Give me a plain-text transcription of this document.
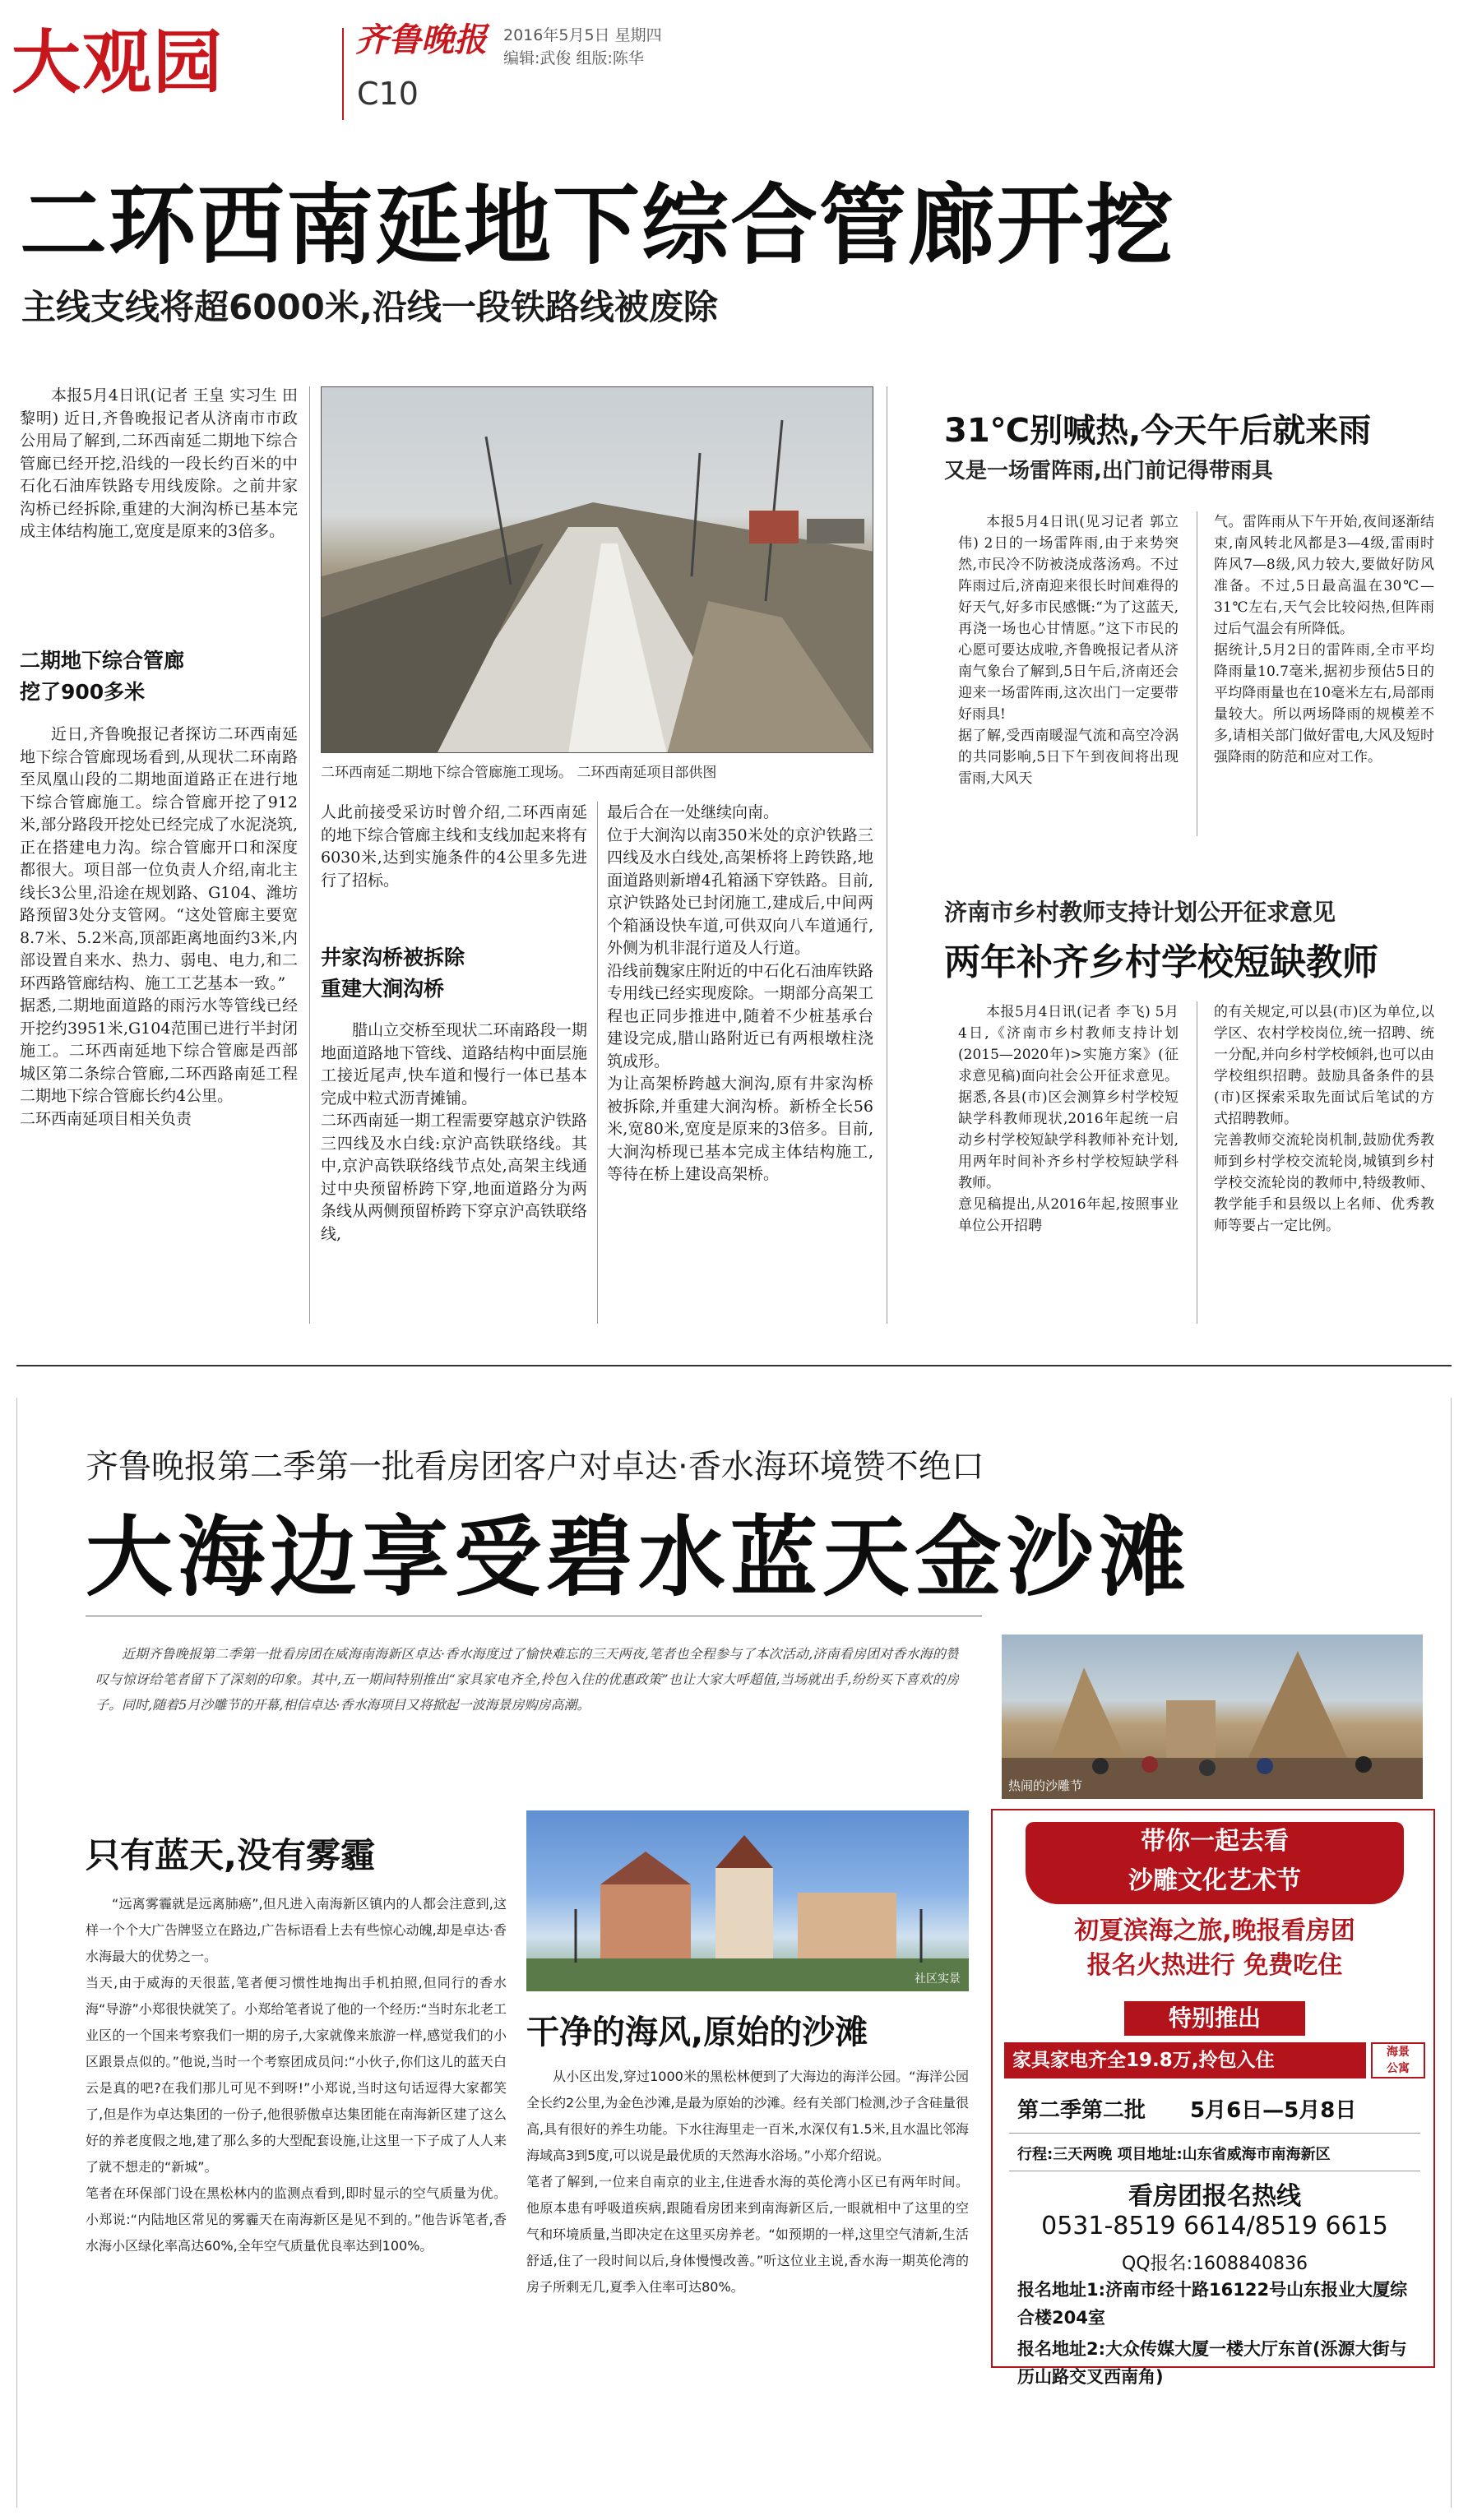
大观园	齐鲁晚报 2016年5月5日 星期四
编辑:武俊 组版:陈华
C10
二环西南延地下综合管廊开挖
主线支线将超6000米,沿线一段铁路线被废除
本报5月4日讯(记者 王皇 实习生 田黎明) 近日,齐鲁晚报记者从济南市市政公用局了解到,二环西南延二期地下综合管廊已经开挖,沿线的一段长约百米的中石化石油库铁路专用线废除。之前井家沟桥已经拆除,重建的大涧沟桥已基本完成主体结构施工,宽度是原来的3倍多。
二期地下综合管廊
挖了900多米
近日,齐鲁晚报记者探访二环西南延地下综合管廊现场看到,从现状二环南路至凤凰山段的二期地面道路正在进行地下综合管廊施工。综合管廊开挖了912米,部分路段开挖处已经完成了水泥浇筑,正在搭建电力沟。综合管廊开口和深度都很大。项目部一位负责人介绍,南北主线长3公里,沿途在规划路、G104、潍坊路预留3处分支管网。“这处管廊主要宽8.7米、5.2米高,顶部距离地面约3米,内部设置自来水、热力、弱电、电力,和二环西路管廊结构、施工工艺基本一致。”
据悉,二期地面道路的雨污水等管线已经开挖约3951米,G104范围已进行半封闭施工。二环西南延地下综合管廊是西部城区第二条综合管廊,二环西路南延工程二期地下综合管廊长约4公里。
二环西南延项目相关负责
二环西南延二期地下综合管廊施工现场。 二环西南延项目部供图
人此前接受采访时曾介绍,二环西南延的地下综合管廊主线和支线加起来将有6030米,达到实施条件的4公里多先进行了招标。
井家沟桥被拆除
重建大涧沟桥
腊山立交桥至现状二环南路段一期地面道路地下管线、道路结构中面层施工接近尾声,快车道和慢行一体已基本完成中粒式沥青摊铺。
二环西南延一期工程需要穿越京沪铁路三四线及水白线:京沪高铁联络线。其中,京沪高铁联络线节点处,高架主线通过中央预留桥跨下穿,地面道路分为两条线从两侧预留桥跨下穿京沪高铁联络线,
最后合在一处继续向南。
位于大涧沟以南350米处的京沪铁路三四线及水白线处,高架桥将上跨铁路,地面道路则新增4孔箱涵下穿铁路。目前,京沪铁路处已封闭施工,建成后,中间两个箱涵设快车道,可供双向八车道通行,外侧为机非混行道及人行道。
沿线前魏家庄附近的中石化石油库铁路专用线已经实现废除。一期部分高架工程也正同步推进中,随着不少桩基承台建设完成,腊山路附近已有两根墩柱浇筑成形。
为让高架桥跨越大涧沟,原有井家沟桥被拆除,并重建大涧沟桥。新桥全长56米,宽80米,宽度是原来的3倍多。目前,大涧沟桥现已基本完成主体结构施工,等待在桥上建设高架桥。
31℃别喊热,今天午后就来雨
又是一场雷阵雨,出门前记得带雨具
本报5月4日讯(见习记者 郭立伟) 2日的一场雷阵雨,由于来势突然,市民冷不防被浇成落汤鸡。不过阵雨过后,济南迎来很长时间难得的好天气,好多市民感慨:“为了这蓝天,再浇一场也心甘情愿。”这下市民的心愿可要达成啦,齐鲁晚报记者从济南气象台了解到,5日午后,济南还会迎来一场雷阵雨,这次出门一定要带好雨具!
据了解,受西南暖湿气流和高空冷涡的共同影响,5日下午到夜间将出现雷雨,大风天
气。雷阵雨从下午开始,夜间逐渐结束,南风转北风都是3—4级,雷雨时阵风7—8级,风力较大,要做好防风准备。不过,5日最高温在30℃—31℃左右,天气会比较闷热,但阵雨过后气温会有所降低。
据统计,5月2日的雷阵雨,全市平均降雨量10.7毫米,据初步预估5日的平均降雨量也在10毫米左右,局部雨量较大。所以两场降雨的规模差不多,请相关部门做好雷电,大风及短时强降雨的防范和应对工作。
济南市乡村教师支持计划公开征求意见
两年补齐乡村学校短缺教师
本报5月4日讯(记者 李飞) 5月4日,《济南市乡村教师支持计划(2015—2020年)>实施方案》(征求意见稿)面向社会公开征求意见。据悉,各县(市)区会测算乡村学校短缺学科教师现状,2016年起统一启动乡村学校短缺学科教师补充计划,用两年时间补齐乡村学校短缺学科教师。
意见稿提出,从2016年起,按照事业单位公开招聘
的有关规定,可以县(市)区为单位,以学区、农村学校岗位,统一招聘、统一分配,并向乡村学校倾斜,也可以由学校组织招聘。鼓励具备条件的县(市)区探索采取先面试后笔试的方式招聘教师。
完善教师交流轮岗机制,鼓励优秀教师到乡村学校交流轮岗,城镇到乡村学校交流轮岗的教师中,特级教师、教学能手和县级以上名师、优秀教师等要占一定比例。
齐鲁晚报第二季第一批看房团客户对卓达·香水海环境赞不绝口
大海边享受碧水蓝天金沙滩
近期齐鲁晚报第二季第一批看房团在威海南海新区卓达·香水海度过了愉快难忘的三天两夜,笔者也全程参与了本次活动,济南看房团对香水海的赞叹与惊讶给笔者留下了深刻的印象。其中,五一期间特别推出“家具家电齐全,拎包入住的优惠政策”也让大家大呼超值,当场就出手,纷纷买下喜欢的房子。同时,随着5月沙雕节的开幕,相信卓达·香水海项目又将掀起一波海景房购房高潮。
热闹的沙雕节
只有蓝天,没有雾霾
“远离雾霾就是远离肺癌”,但凡进入南海新区镇内的人都会注意到,这样一个个大广告牌竖立在路边,广告标语看上去有些惊心动魄,却是卓达·香水海最大的优势之一。
当天,由于威海的天很蓝,笔者便习惯性地掏出手机拍照,但同行的香水海“导游”小郑很快就笑了。小郑给笔者说了他的一个经历:“当时东北老工业区的一个国来考察我们一期的房子,大家就像来旅游一样,感觉我们的小区跟景点似的。”他说,当时一个考察团成员问:“小伙子,你们这儿的蓝天白云是真的吧?在我们那儿可见不到呀!”小郑说,当时这句话逗得大家都笑了,但是作为卓达集团的一份子,他很骄傲卓达集团能在南海新区建了这么好的养老度假之地,建了那么多的大型配套设施,让这里一下子成了人人来了就不想走的“新城”。
笔者在环保部门设在黑松林内的监测点看到,即时显示的空气质量为优。小郑说:“内陆地区常见的雾霾天在南海新区是见不到的。”他告诉笔者,香水海小区绿化率高达60%,全年空气质量优良率达到100%。
社区实景
干净的海风,原始的沙滩
从小区出发,穿过1000米的黑松林便到了大海边的海洋公园。“海洋公园全长约2公里,为金色沙滩,是最为原始的沙滩。经有关部门检测,沙子含硅量很高,具有很好的养生功能。下水往海里走一百米,水深仅有1.5米,且水温比邻海海域高3到5度,可以说是最优质的天然海水浴场。”小郑介绍说。
笔者了解到,一位来自南京的业主,住进香水海的英伦湾小区已有两年时间。他原本患有呼吸道疾病,跟随看房团来到南海新区后,一眼就相中了这里的空气和环境质量,当即决定在这里买房养老。“如预期的一样,这里空气清新,生活舒适,住了一段时间以后,身体慢慢改善。”听这位业主说,香水海一期英伦湾的房子所剩无几,夏季入住率可达80%。
带你一起去看
沙雕文化艺术节
初夏滨海之旅,晚报看房团
报名火热进行 免费吃住
特别推出
家具家电齐全19.8万,拎包入住	海景
公寓
第二季第二批 5月6日—5月8日
行程:三天两晚 项目地址:山东省威海市南海新区
看房团报名热线
0531-8519 6614/8519 6615
QQ报名:1608840836
报名地址1:济南市经十路16122号山东报业大厦综合楼204室
报名地址2:大众传媒大厦一楼大厅东首(泺源大街与历山路交叉西南角)
